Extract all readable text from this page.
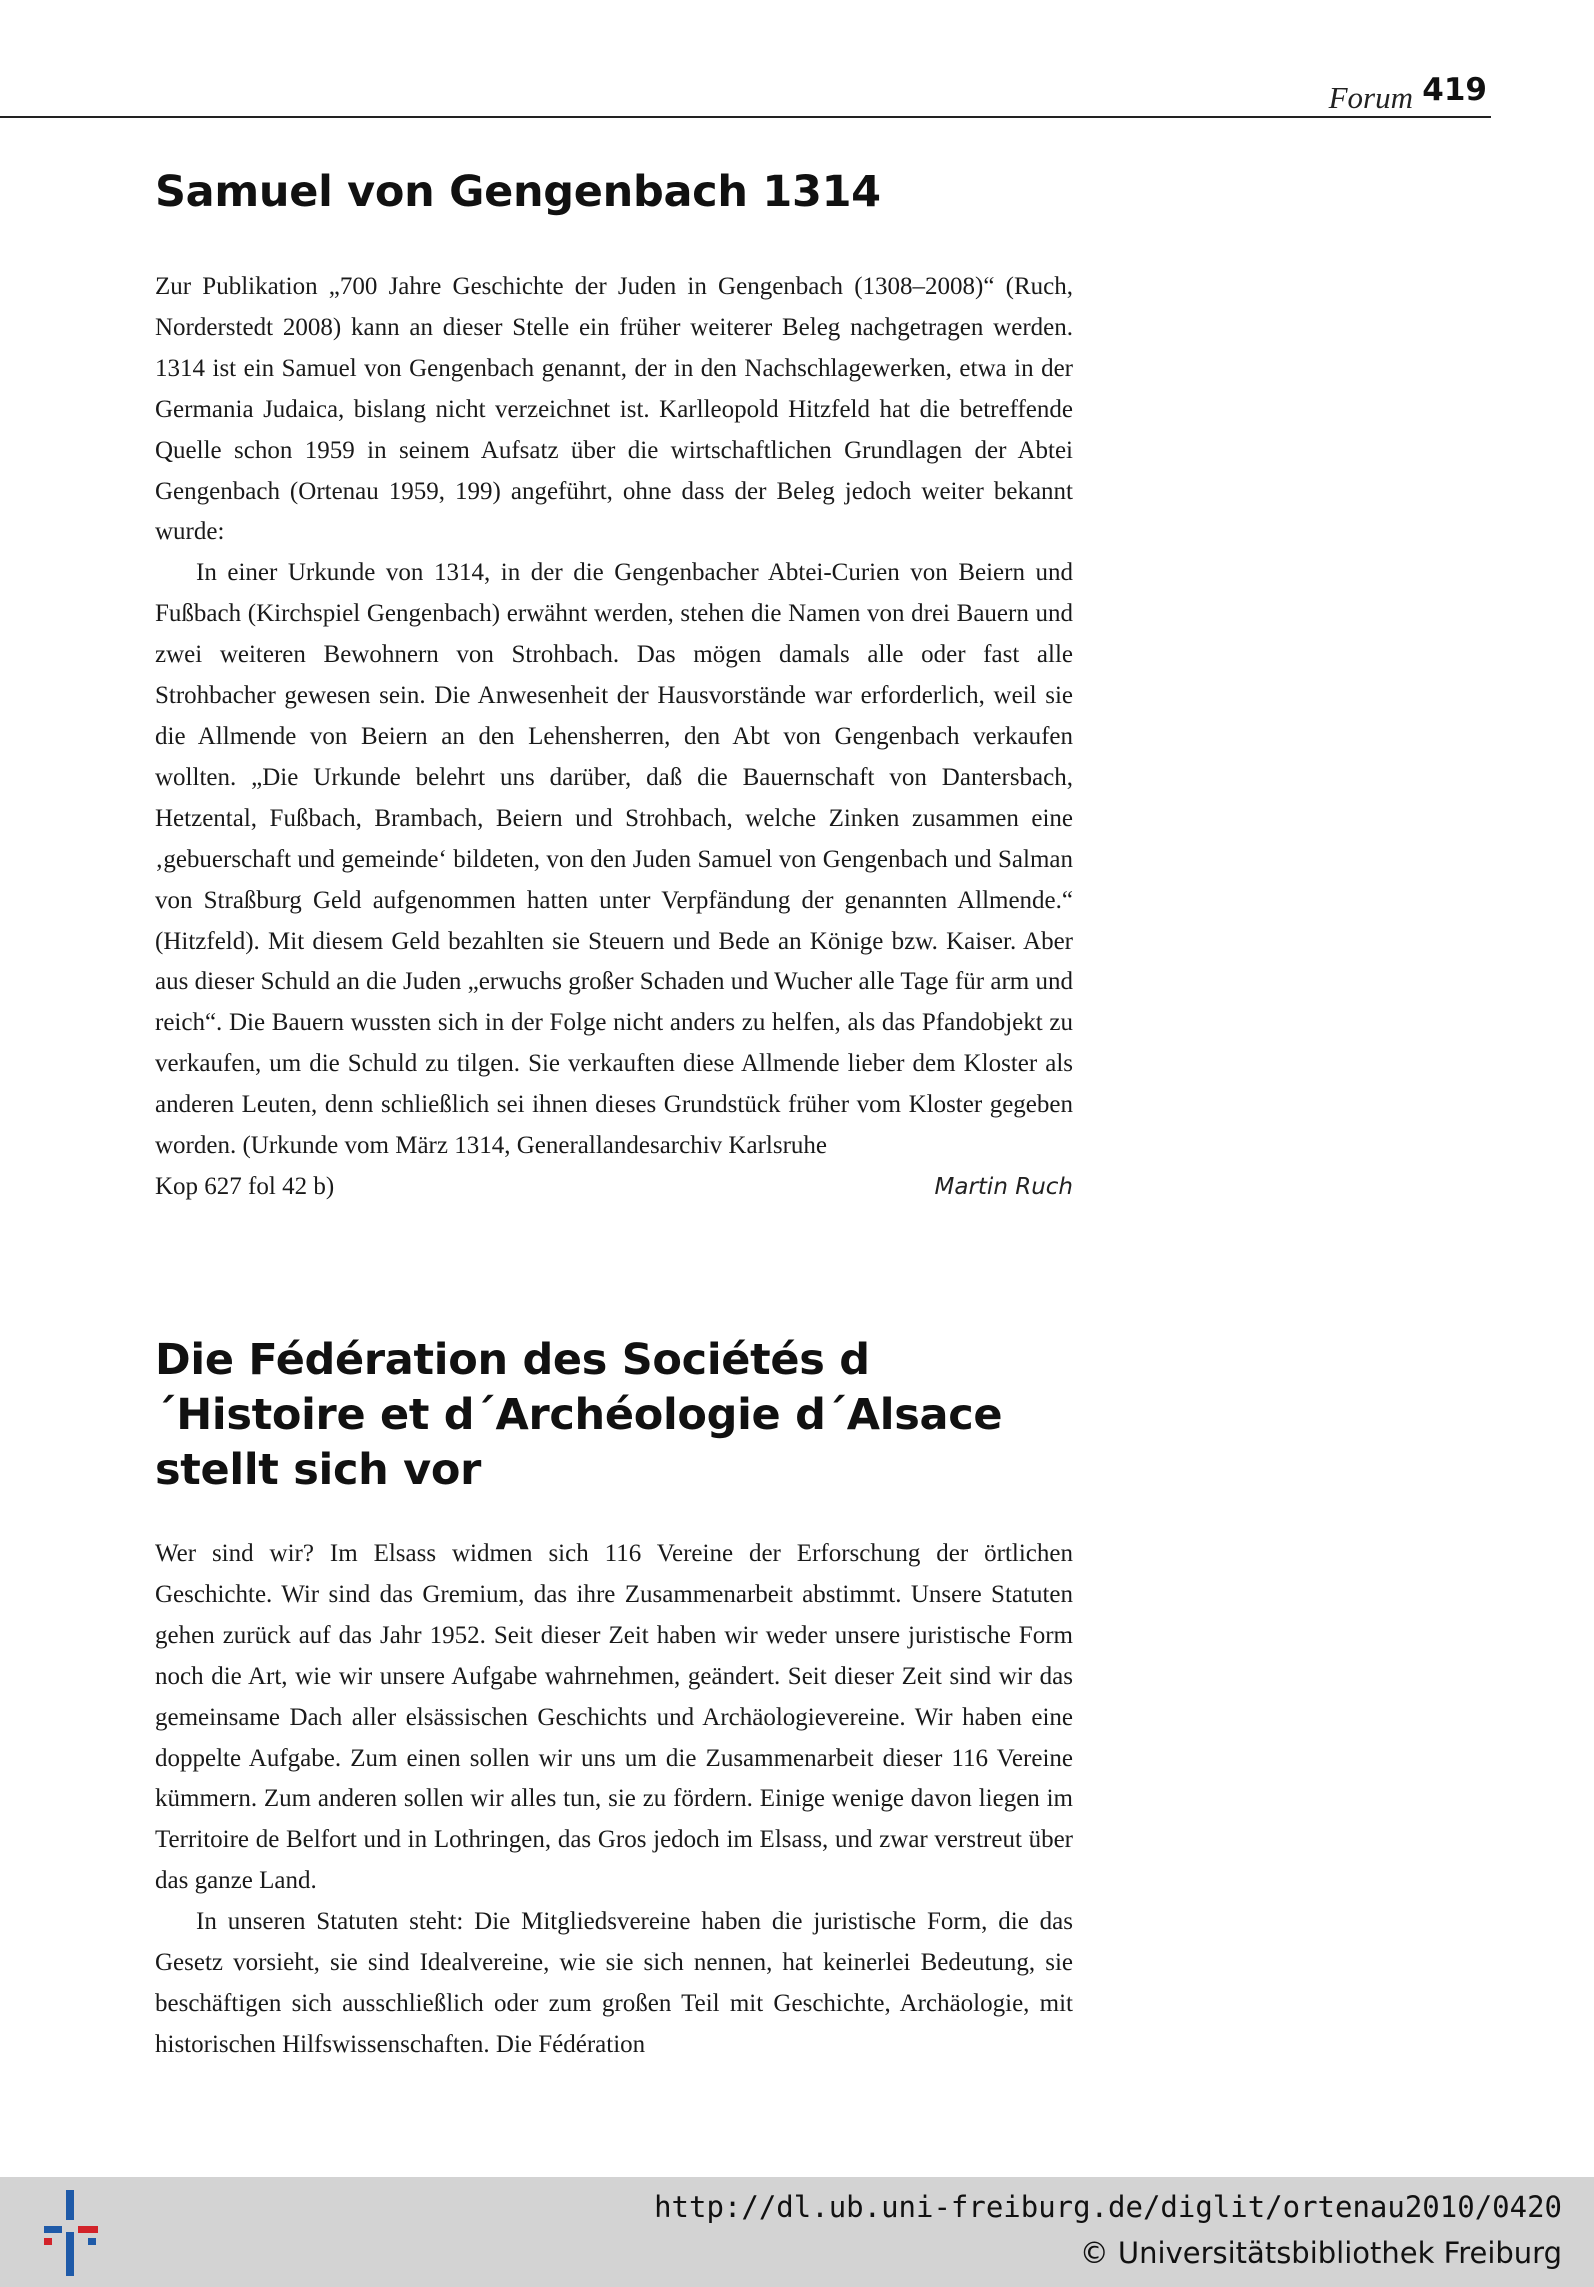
Forum 419
Samuel von Gengenbach 1314

Zur Publikation „700 Jahre Geschichte der Juden in Gengenbach (1308–2008)“ (Ruch, Norderstedt 2008) kann an dieser Stelle ein früher weiterer Beleg nachgetragen werden. 1314 ist ein Samuel von Gengenbach genannt, der in den Nachschlagewerken, etwa in der Germania Judaica, bislang nicht verzeichnet ist. Karlleopold Hitzfeld hat die betreffende Quelle schon 1959 in seinem Aufsatz über die wirtschaftlichen Grundlagen der Abtei Gengenbach (Ortenau 1959, 199) angeführt, ohne dass der Beleg jedoch weiter bekannt wurde:

In einer Urkunde von 1314, in der die Gengenbacher Abtei-Curien von Beiern und Fußbach (Kirchspiel Gengenbach) erwähnt werden, stehen die Namen von drei Bauern und zwei weiteren Bewohnern von Strohbach. Das mögen damals alle oder fast alle Strohbacher gewesen sein. Die Anwesenheit der Hausvorstände war erforderlich, weil sie die Allmende von Beiern an den Lehensherren, den Abt von Gengenbach verkaufen wollten. „Die Urkunde belehrt uns darüber, daß die Bauernschaft von Dantersbach, Hetzental, Fußbach, Brambach, Beiern und Strohbach, welche Zinken zusammen eine ‚gebuerschaft und gemeinde‘ bildeten, von den Juden Samuel von Gengenbach und Salman von Straßburg Geld aufgenommen hatten unter Verpfändung der genannten Allmende.“ (Hitzfeld). Mit diesem Geld bezahlten sie Steuern und Bede an Könige bzw. Kaiser. Aber aus dieser Schuld an die Juden „erwuchs großer Schaden und Wucher alle Tage für arm und reich“. Die Bauern wussten sich in der Folge nicht anders zu helfen, als das Pfandobjekt zu verkaufen, um die Schuld zu tilgen. Sie verkauften diese Allmende lieber dem Kloster als anderen Leuten, denn schließlich sei ihnen dieses Grundstück früher vom Kloster gegeben worden. (Urkunde vom März 1314, Generallandesarchiv Karlsruhe

Kop 627 fol 42 b)	Martin Ruch
Die Fédération des Sociétés d´Histoire et d´Archéologie d´Alsace stellt sich vor

Wer sind wir? Im Elsass widmen sich 116 Vereine der Erforschung der örtlichen Geschichte. Wir sind das Gremium, das ihre Zusammenarbeit abstimmt. Unsere Statuten gehen zurück auf das Jahr 1952. Seit dieser Zeit haben wir weder unsere juristische Form noch die Art, wie wir unsere Aufgabe wahrnehmen, geändert. Seit dieser Zeit sind wir das gemeinsame Dach aller elsässischen Geschichts und Archäologievereine. Wir haben eine doppelte Aufgabe. Zum einen sollen wir uns um die Zusammenarbeit dieser 116 Vereine kümmern. Zum anderen sollen wir alles tun, sie zu fördern. Einige wenige davon liegen im Territoire de Belfort und in Lothringen, das Gros jedoch im Elsass, und zwar verstreut über das ganze Land.

In unseren Statuten steht: Die Mitgliedsvereine haben die juristische Form, die das Gesetz vorsieht, sie sind Idealvereine, wie sie sich nennen, hat keinerlei Bedeutung, sie beschäftigen sich ausschließlich oder zum großen Teil mit Geschichte, Archäologie, mit historischen Hilfswissenschaften. Die Fédération

http://dl.ub.uni-freiburg.de/diglit/ortenau2010/0420
© Universitätsbibliothek Freiburg
